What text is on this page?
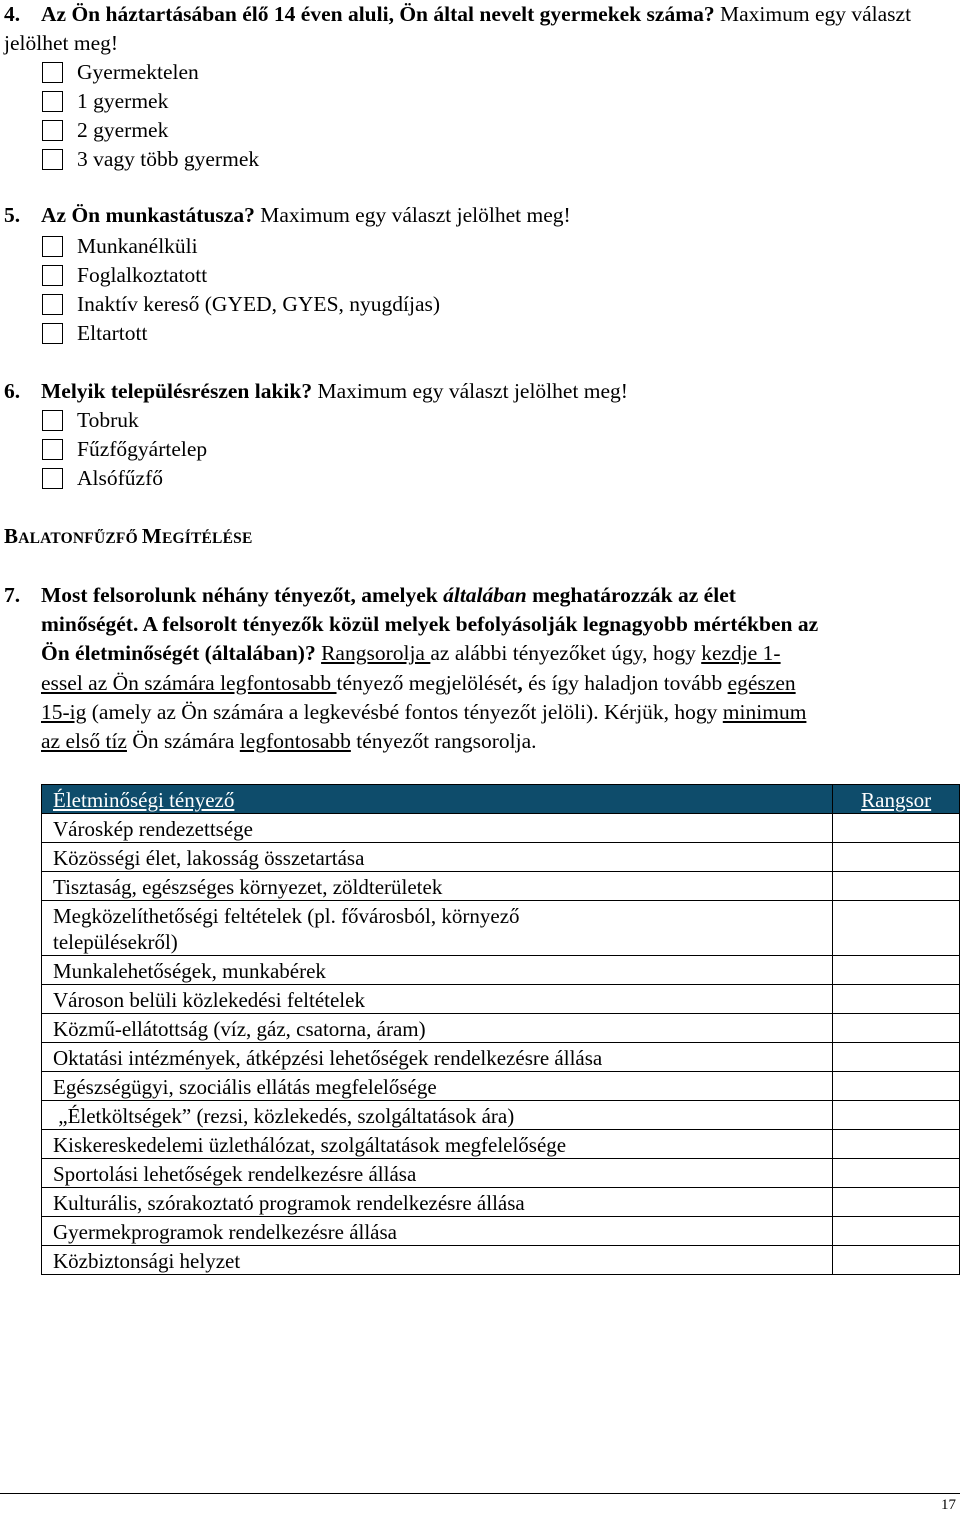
4. Az Ön háztartásában élő 14 éven aluli, Ön által nevelt gyermekek száma? Maximum egy választ jelölhet meg!
Gyermektelen
1 gyermek
2 gyermek
3 vagy több gyermek
5. Az Ön munkastátusza? Maximum egy választ jelölhet meg!
Munkanélküli
Foglalkoztatott
Inaktív kereső (GYED, GYES, nyugdíjas)
Eltartott
6. Melyik településrészen lakik? Maximum egy választ jelölhet meg!
Tobruk
Fűzfőgyártelep
Alsófűzfő
BALATONFŰZFŐ MEGÍTÉLÉSE
7. Most felsorolunk néhány tényezőt, amelyek általában meghatározzák az élet
minőségét. A felsorolt tényezők közül melyek befolyásolják legnagyobb mértékben az
Ön életminőségét (általában)? Rangsorolja az alábbi tényezőket úgy, hogy kezdje 1-
essel az Ön számára legfontosabb tényező megjelölését, és így haladjon tovább egészen
15-ig (amely az Ön számára a legkevésbé fontos tényezőt jelöli). Kérjük, hogy minimum
az első tíz Ön számára legfontosabb tényezőt rangsorolja.
Életminőségi tényező	Rangsor
Városkép rendezettsége	
Közösségi élet, lakosság összetartása	
Tisztaság, egészséges környezet, zöldterületek	
Megközelíthetőségi feltételek (pl. fővárosból, környező településekről)	
Munkalehetőségek, munkabérek	
Városon belüli közlekedési feltételek	
Közmű-ellátottság (víz, gáz, csatorna, áram)	
Oktatási intézmények, átképzési lehetőségek rendelkezésre állása	
Egészségügyi, szociális ellátás megfelelősége	
„Életköltségek” (rezsi, közlekedés, szolgáltatások ára)	
Kiskereskedelemi üzlethálózat, szolgáltatások megfelelősége	
Sportolási lehetőségek rendelkezésre állása	
Kulturális, szórakoztató programok rendelkezésre állása	
Gyermekprogramok rendelkezésre állása	
Közbiztonsági helyzet	
17
